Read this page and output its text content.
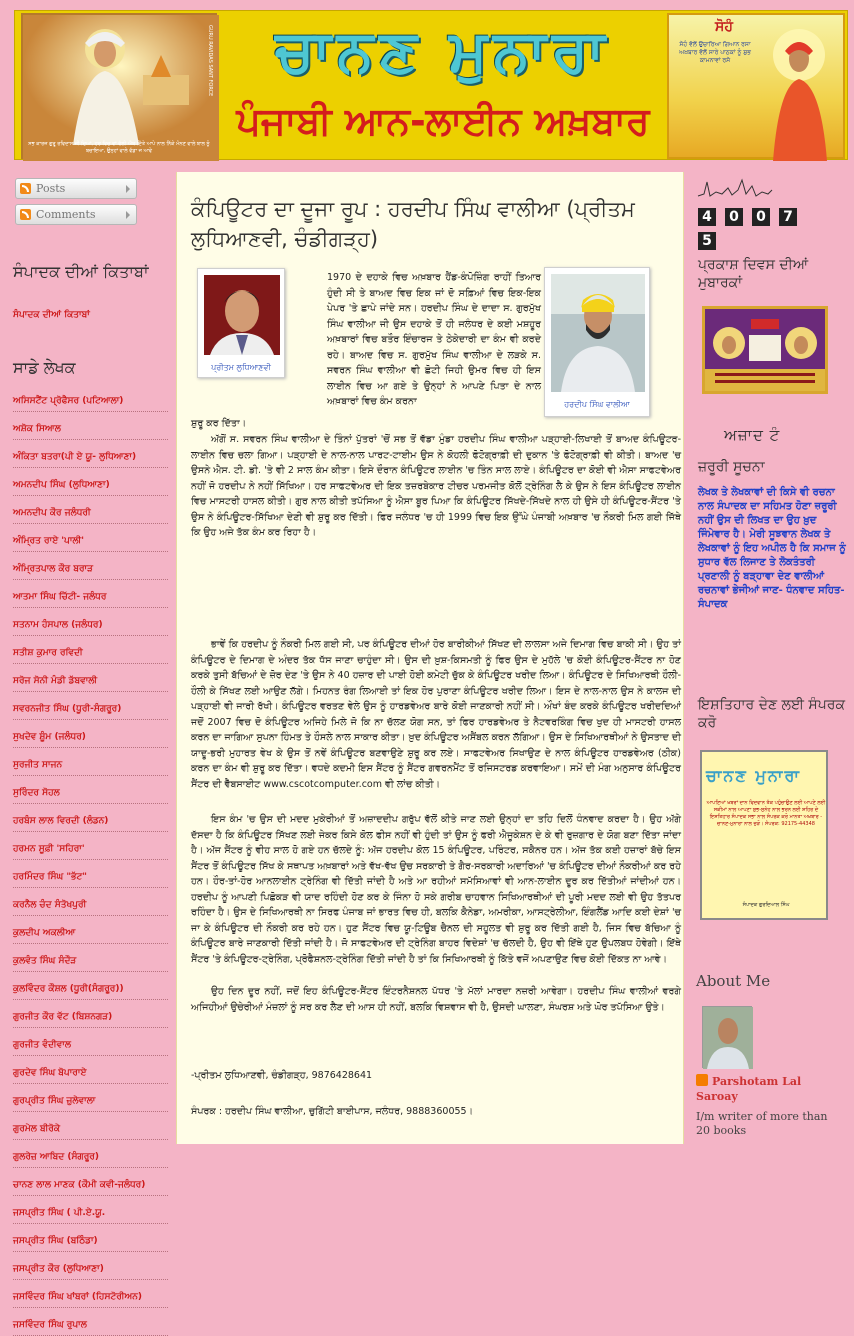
ਸਭ ਕਾਰਜ ਗੁਰੂ ਰਵਿਦਾਸ ਜੀ ਦਿਆਂ, ਹਰ ਵਿਚ ਵਾਂ ਵੱਲੀ ਐਥ ਦਿੱਤੇ ਆਪੇ ਨਾਲ ਨਿੱਕੇ ਮੰਨਣ ਵਾਲੇ ਬਾਲ ਨੂੰ ਬਚਾਇਆ, ਉਨ੍ਹਾਂ ਵਾਲੇ ਵੱਡਾ ਜ ਆਵੇ
GURU RAVIDAS SANT FORCE	ਚਾਨਣ ਮੁਨਾਰਾ
ਪੰਜਾਬੀ ਆਨ-ਲਾਈਨ ਅਖ਼ਬਾਰ
ਸੋਹੰ
ਸੋਹੰ ਵੱਲੋਂ ਉਚਾਰਿਆ ਗਿਆਨ ਰਸਾ ਅਖ਼ਬਾਰ ਵੱਲੋਂ ਸਾਰੇ ਪਾਠਕਾਂ ਨੂੰ ਸ਼ੁਭ ਕਾਮਨਾਵਾਂ ਰਸੋ
Posts
Comments
ਸੰਪਾਦਕ ਦੀਆਂ ਕਿਤਾਬਾਂ
ਸੰਪਾਦਕ ਦੀਆਂ ਕਿਤਾਬਾਂ
ਸਾਡੇ ਲੇਖਕ
ਅਸਿਸਟੈਂਟ ਪ੍ਰੋਫੈਸਰ (ਪਟਿਆਲਾ)
ਅਸ਼ੋਕ ਸਿਆਲ
ਅੰਕਿਤਾ ਬਤਰਾ(ਪੀ ਏ ਯੂ- ਲੁਧਿਆਣਾ)
ਅਮਨਦੀਪ ਸਿੰਘ (ਲੁਧਿਆਣਾ)
ਅਮਨਦੀਪ ਕੌਰ ਜਲੰਧਰੀ
ਅੰਮ੍ਰਿਤ ਰਾਏ 'ਪਾਲੀ'
ਅੰਮ੍ਰਿਤਪਾਲ ਕੌਰ ਬਰਾੜ
ਆਤਮਾ ਸਿੰਘ ਚਿੱਟੀ- ਜਲੰਧਰ
ਸਤਨਾਮ ਹੰਸਪਾਲ (ਜਲੰਧਰ)
ਸਤੀਸ਼ ਕੁਮਾਰ ਰਵਿਦੀ
ਸਰੋਜ ਸੋਨੀ ਮੰਡੀ ਡੱਬਵਾਲੀ
ਸਵਰਨਜੀਤ ਸਿੰਘ (ਧੂਰੀ-ਸੰਗਰੂਰ)
ਸੁਖਦੇਵ ਸ਼ੂੰਮ (ਜਲੰਧਰ)
ਸੁਰਜੀਤ ਸਾਜਨ
ਸੁਰਿੰਦਰ ਸੋਹਲ
ਹਰਬੰਸ ਲਾਲ ਵਿਰਦੀ (ਲੰਡਨ)
ਹਰਮਨ ਸੂਫ਼ੀ 'ਸਹਿਰਾ'
ਹਰਮਿੰਦਰ ਸਿੰਘ "ਭੱਟ"
ਕਰਨੈਲ ਚੰਦ ਸੰਤੋਖਪੁਰੀ
ਕੁਲਦੀਪ ਅਕਲੀਆ
ਕੁਲਵੰਤ ਸਿੰਘ ਸੰਦੌੜ
ਕੁਲਵਿੰਦਰ ਕੌਸ਼ਲ (ਧੂਰੀ(ਸੰਗਰੂਰ))
ਗੁਰਜੀਤ ਕੌਰ ਵੱਟ (ਬਿਸ਼ਨਗੜ)
ਗੁਰਜੀਤ ਵੰਦੀਵਾਲ
ਗੁਰਦੇਵ ਸਿੰਘ ਬੋਪਾਰਾਏ
ਗੁਰਪ੍ਰੀਤ ਸਿੰਘ ਜ਼ੁਲੇਵਾਲਾ
ਗੁਰਮੇਲ ਬੀਰੋਕੇ
ਗੁਲਰੇਜ਼ ਆਬਿਦ (ਸੰਗਰੂਰ)
ਚਾਨਣ ਲਾਲ ਮਾਣਕ (ਕੌਮੀ ਕਵੀ-ਜਲੰਧਰ)
ਜਸਪ੍ਰੀਤ ਸਿੰਘ ( ਪੀ.ਏ.ਯੂ.
ਜਸਪ੍ਰੀਤ ਸਿੰਘ (ਬਠਿੰਡਾ)
ਜਸਪ੍ਰੀਤ ਕੌਰ (ਲੁਧਿਆਣਾ)
ਜਸਵਿੰਦਰ ਸਿੰਘ ਖਾਂਬਰਾਂ (ਹਿਸਟੋਰੀਅਨ)
ਜਸਵਿੰਦਰ ਸਿੰਘ ਰੁਪਾਲ
ਕੰਪਿਊਟਰ ਦਾ ਦੂਜਾ ਰੂਪ : ਹਰਦੀਪ ਸਿੰਘ ਵਾਲੀਆ (ਪ੍ਰੀਤਮ ਲੁਧਿਆਣਵੀ, ਚੰਡੀਗੜ੍ਹ)
ਪ੍ਰੀਤਮ ਲੁਧਿਆਣਵੀ
ਹਰਦੀਪ ਸਿੰਘ ਵਾਲੀਆ

1970 ਦੇ ਦਹਾਕੇ ਵਿਚ ਅਖ਼ਬਾਰ ਹੈਂਡ-ਕੰਪੋਜ਼ਿੰਗ ਰਾਹੀਂ ਤਿਆਰ ਹੁੰਦੀ ਸੀ ਤੇ ਬਾਅਦ ਵਿਚ ਇਕ ਜਾਂ ਦੋ ਸਫ਼ਿਆਂ ਵਿਚ ਇਕ-ਇਕ ਪੇਪਰ 'ਤੇ ਛਾਪੇ ਜਾਂਦੇ ਸਨ। ਹਰਦੀਪ ਸਿੰਘ ਦੇ ਦਾਦਾ ਸ. ਗੁਰਮੁੱਖ ਸਿੰਘ ਵਾਲੀਆ ਜੀ ਉਸ ਦਹਾਕੇ ਤੋਂ ਹੀ ਜਲੰਧਰ ਦੇ ਕਈ ਮਸ਼ਹੂਰ ਅਖ਼ਬਾਰਾਂ ਵਿਚ ਬਤੌਰ ਇੰਚਾਰਜ ਤੇ ਠੇਕੇਦਾਰੀ ਦਾ ਕੰਮ ਵੀ ਕਰਦੇ ਰਹੇ। ਬਾਅਦ ਵਿਚ ਸ. ਗੁਰਮੁੱਖ ਸਿੰਘ ਵਾਲੀਆ ਦੇ ਲੜਕੇ ਸ. ਸਵਰਨ ਸਿੰਘ ਵਾਲੀਆ ਵੀ ਛੋਟੀ ਜਿਹੀ ਉਮਰ ਵਿਚ ਹੀ ਇਸ ਲਾਈਨ ਵਿਚ ਆ ਗਏ ਤੇ ਉਨ੍ਹਾਂ ਨੇ ਆਪਣੇ ਪਿਤਾ ਦੇ ਨਾਲ ਅਖ਼ਬਾਰਾਂ ਵਿਚ ਕੰਮ ਕਰਨਾ

ਸ਼ੁਰੂ ਕਰ ਦਿੱਤਾ।

ਅੱਗੋਂ ਸ. ਸਵਰਨ ਸਿੰਘ ਵਾਲੀਆ ਦੇ ਤਿੰਨਾਂ ਪੁੱਤਰਾਂ 'ਚੋਂ ਸਭ ਤੋਂ ਵੱਡਾ ਮੁੰਡਾ ਹਰਦੀਪ ਸਿੰਘ ਵਾਲੀਆ ਪੜ੍ਹਾਈ-ਲਿਖਾਈ ਤੋਂ ਬਾਅਦ ਕੰਪਿਊਟਰ- ਲਾਈਨ ਵਿਚ ਚਲਾ ਗਿਆ। ਪੜ੍ਹਾਈ ਦੇ ਨਾਲ-ਨਾਲ ਪਾਰਟ-ਟਾਈਮ ਉਸ ਨੇ ਕੋਹਲੀ ਫੋਟੋਗ੍ਰਾਫ਼ੀ ਦੀ ਦੁਕਾਨ 'ਤੇ ਫੋਟੋਗ੍ਰਾਫ਼ੀ ਵੀ ਕੀਤੀ। ਬਾਅਦ 'ਚ ਉਸਨੇ ਐਸ. ਟੀ. ਡੀ. 'ਤੇ ਵੀ 2 ਸਾਲ ਕੰਮ ਕੀਤਾ। ਇਸੇ ਦੌਰਾਨ ਕੰਪਿਊਟਰ ਲਾਈਨ 'ਚ ਤਿੰਨ ਸਾਲ ਲਾਏ। ਕੰਪਿਊਟਰ ਦਾ ਕੋਈ ਵੀ ਐਸਾ ਸਾਫਟਵੇਅਰ ਨਹੀਂ ਜੋ ਹਰਦੀਪ ਨੇ ਨਹੀਂ ਸਿੱਖਿਆ। ਹਰ ਸਾਫਟਵੇਅਰ ਦੀ ਇਕ ਤਜ਼ਰਬੇਕਾਰ ਟੀਚਰ ਪਰਮਜੀਤ ਕੋਲੋਂ ਟ੍ਰੇਨਿੰਗ ਲੈ ਕੇ ਉਸ ਨੇ ਇਸ ਕੰਪਿਊਟਰ ਲਾਈਨ ਵਿਚ ਮਾਸਟਰੀ ਹਾਸਲ ਕੀਤੀ। ਗੁਰ ਨਾਲ ਕੀਤੀ ਤਪੱਸਿਆ ਨੂੰ ਐਸਾ ਬੂਰ ਪਿਆ ਕਿ ਕੰਪਿਊਟਰ ਸਿੱਖਦੇ-ਸਿੱਖਦੇ ਨਾਲ ਹੀ ਉਸੇ ਹੀ ਕੰਪਿਊਟਰ-ਸੈਂਟਰ 'ਤੇ ਉਸ ਨੇ ਕੰਪਿਊਟਰ-ਸਿੱਖਿਆ ਦੇਣੀ ਵੀ ਸ਼ੁਰੂ ਕਰ ਦਿੱਤੀ। ਫਿਰ ਜਲੰਧਰ 'ਚ ਹੀ 1999 ਵਿਚ ਇਕ ਉੱਘੇ ਪੰਜਾਬੀ ਅਖ਼ਬਾਰ 'ਚ ਨੌਕਰੀ ਮਿਲ ਗਈ ਜਿੱਥੇ ਕਿ ਉਹ ਅਜੇ ਤੱਕ ਕੰਮ ਕਰ ਰਿਹਾ ਹੈ।

ਭਾਵੇਂ ਕਿ ਹਰਦੀਪ ਨੂੰ ਨੌਕਰੀ ਮਿਲ ਗਈ ਸੀ, ਪਰ ਕੰਪਿਊਟਰ ਦੀਆਂ ਹੋਰ ਬਾਰੀਕੀਆਂ ਸਿੱਖਣ ਦੀ ਲਾਲਸਾ ਅਜੇ ਦਿਮਾਗ ਵਿਚ ਬਾਕੀ ਸੀ। ਉਹ ਤਾਂ ਕੰਪਿਊਟਰ ਦੇ ਦਿਮਾਗ ਦੇ ਅੰਦਰ ਤੱਕ ਧੱਸ ਜਾਣਾ ਚਾਹੁੰਦਾ ਸੀ। ਉਸ ਦੀ ਖ਼ੁਸ਼-ਕਿਸਮਤੀ ਨੂੰ ਫਿਰ ਉਸ ਦੇ ਮੁਹੱਲੇ 'ਚ ਕੋਈ ਕੰਪਿਊਟਰ-ਸੈਂਟਰ ਨਾ ਹੋਣ ਕਰਕੇ ਤੁਸੀ ਬੱਚਿਆਂ ਦੇ ਜ਼ੋਰ ਦੇਣ 'ਤੇ ਉਸ ਨੇ 40 ਹਜ਼ਾਰ ਦੀ ਪਾਈ ਹੋਈ ਕਮੇਟੀ ਚੁੱਕ ਕੇ ਕੰਪਿਊਟਰ ਖਰੀਦ ਲਿਆ। ਕੰਪਿਊਟਰ ਦੇ ਸਿਖਿਆਰਥੀ ਹੌਲੀ-ਹੌਲੀ ਕੇ ਸਿੱਖਣ ਲਈ ਆਉਣ ਲੱਗੇ। ਮਿਹਨਤ ਰੰਗ ਲਿਆਈ ਤਾਂ ਇਕ ਹੋਰ ਪੁਰਾਣਾ ਕੰਪਿਊਟਰ ਖਰੀਦ ਲਿਆ। ਇਸ ਦੇ ਨਾਲ-ਨਾਲ ਉਸ ਨੇ ਕਾਲਜ ਦੀ ਪੜ੍ਹਾਈ ਵੀ ਜਾਰੀ ਰੱਖੀ। ਕੰਪਿਊਟਰ ਵਰਤਣ ਵੇਲੇ ਉਸ ਨੂੰ ਹਾਰਡਵੇਅਰ ਬਾਰੇ ਕੋਈ ਜਾਣਕਾਰੀ ਨਹੀਂ ਸੀ। ਔਖਾਂ ਬੰਦ ਕਰਕੇ ਕੰਪਿਊਟਰ ਖਰੀਦਦਿਆਂ ਜਦੋਂ 2007 ਵਿਚ ਦੋ ਕੰਪਿਊਟਰ ਅਜਿਹੇ ਮਿਲੇ ਜੋ ਕਿ ਨਾ ਚੱਲਣ ਯੋਗ ਸਨ, ਤਾਂ ਫਿਰ ਹਾਰਡਵੇਅਰ ਤੇ ਨੈਟਵਰਕਿੰਗ ਵਿਚ ਖੁਦ ਹੀ ਮਾਸਟਰੀ ਹਾਸਲ ਕਰਨ ਦਾ ਜਾਗਿਆ ਸੁਪਨਾ ਹਿੰਮਤ ਤੇ ਹੌਸਲੇ ਨਾਲ ਸਾਕਾਰ ਕੀਤਾ। ਖ਼ੁਦ ਕੰਪਿਊਟਰ ਅਸੈਂਬਲ ਕਰਨ ਲੱਗਿਆ। ਉਸ ਦੇ ਸਿਖਿਆਰਥੀਆਂ ਨੇ ਉਸਤਾਦ ਦੀ ਯਾਦੂ-ਭਰੀ ਮੁਹਾਰਤ ਵੇਖ ਕੇ ਉਸ ਤੋਂ ਨਵੇਂ ਕੰਪਿਊਟਰ ਬਣਵਾਉਣੇ ਸ਼ੁਰੂ ਕਰ ਲਏ। ਸਾਫਟਵੇਅਰ ਸਿਖਾਉਣ ਦੇ ਨਾਲ ਕੰਪਿਊਟਰ ਹਾਰਡਵੇਅਰ (ਠੀਕ) ਕਰਨ ਦਾ ਕੰਮ ਵੀ ਸ਼ੁਰੂ ਕਰ ਦਿੱਤਾ। ਵਧਦੇ ਕਦਮੀ ਇਸ ਸੈਂਟਰ ਨੂੰ ਸੈਂਟਰ ਗਵਰਨਮੈਂਟ ਤੋਂ ਰਜਿਸਟਰਡ ਕਰਵਾਇਆ। ਸਮੇਂ ਦੀ ਮੰਗ ਅਨੁਸਾਰ ਕੰਪਿਊਟਰ ਸੈਂਟਰ ਦੀ ਵੈੱਬਸਾਈਟ www.cscotcomputer.com ਵੀ ਲਾਂਚ ਕੀਤੀ।

ਇਸ ਕੰਮ 'ਚ ਉਸ ਦੀ ਮਦਦ ਮੁਕੇਰੀਆਂ ਤੋਂ ਅਜ਼ਾਦਦੀਪ ਗਰੁੱਪ ਵੱਲੋਂ ਕੀਤੇ ਜਾਣ ਲਈ ਉਨ੍ਹਾਂ ਦਾ ਤਹਿ ਦਿਲੋਂ ਧੰਨਵਾਦ ਕਰਦਾ ਹੈ। ਉਹ ਅੱਗੇ ਦੱਸਦਾ ਹੈ ਕਿ ਕੰਪਿਊਟਰ ਸਿੱਖਣ ਲਈ ਜੇਕਰ ਕਿਸੇ ਕੋਲ ਫੀਸ ਨਹੀਂ ਵੀ ਹੁੰਦੀ ਤਾਂ ਉਸ ਨੂੰ ਫਰੀ ਐਜੂਕੇਸ਼ਨ ਦੇ ਕੇ ਵੀ ਰੁਜ਼ਗਾਰ ਦੇ ਯੋਗ ਬਣਾ ਦਿੱਤਾ ਜਾਂਦਾ ਹੈ। ਅੱਜ ਸੈਂਟਰ ਨੂੰ ਵੀਹ ਸਾਲ ਹੋ ਗਏ ਹਨ ਚੱਲਦੇ ਨੂੰ: ਅੱਜ ਹਰਦੀਪ ਕੋਲ 15 ਕੰਪਿਊਟਰ, ਪਰਿੰਟਰ, ਸਕੈਨਰ ਹਨ। ਅੱਜ ਤੱਕ ਕਈ ਹਜ਼ਾਰਾਂ ਬੱਚੇ ਇਸ ਸੈਂਟਰ ਤੋਂ ਕੰਪਿਊਟਰ ਸਿੱਖ ਕੇ ਸਥਾਪਤ ਅਖ਼ਬਾਰਾਂ ਅਤੇ ਵੱਖ-ਵੱਖ ਉਚ ਸਰਕਾਰੀ ਤੇ ਗੈਰ-ਸਰਕਾਰੀ ਅਦਾਰਿਆਂ 'ਚ ਕੰਪਿਊਟਰ ਦੀਆਂ ਨੌਕਰੀਆਂ ਕਰ ਰਹੇ ਹਨ। ਹੌਰ-ਤਾਂ-ਹੋਰ ਆਨਲਾਈਨ ਟ੍ਰੇਨਿੰਗ ਵੀ ਦਿੱਤੀ ਜਾਂਦੀ ਹੈ ਅਤੇ ਆ ਰਹੀਆਂ ਸਮੱਸਿਆਵਾਂ ਵੀ ਆਨ-ਲਾਈਨ ਦੂਰ ਕਰ ਦਿੱਤੀਆਂ ਜਾਂਦੀਆਂ ਹਨ। ਹਰਦੀਪ ਨੂੰ ਆਪਣੀ ਪਿਛੋਕੜ ਵੀ ਯਾਦ ਰਹਿੰਦੀ ਹੋਣ ਕਰ ਕੇ ਜਿੰਨਾ ਹੋ ਸਕੇ ਗਰੀਬ ਚਾਹਵਾਨ ਸਿਖਿਆਰਥੀਆਂ ਦੀ ਪੂਰੀ ਮਦਦ ਲਈ ਵੀ ਉਹ ਤੱਤਪਰ ਰਹਿੰਦਾ ਹੈ। ਉਸ ਦੇ ਸਿਖਿਆਰਥੀ ਨਾ ਸਿਰਫ ਪੰਜਾਬ ਜਾਂ ਭਾਰਤ ਵਿਚ ਹੀ, ਬਲਕਿ ਕੈਨੇਡਾ, ਅਮਰੀਕਾ, ਆਸਟ੍ਰੇਲੀਆ, ਇੰਗਲੈਂਡ ਆਦਿ ਕਈ ਦੇਸ਼ਾਂ 'ਚ ਜਾ ਕੇ ਕੰਪਿਊਟਰ ਦੀ ਨੌਕਰੀ ਕਰ ਰਹੇ ਹਨ। ਹੁਣ ਸੈਂਟਰ ਵਿਚ ਯੂ-ਟਿਊਬ ਚੈਨਲ ਦੀ ਸਹੂਲਤ ਵੀ ਸ਼ੁਰੂ ਕਰ ਦਿੱਤੀ ਗਈ ਹੈ, ਜਿਸ ਵਿਚ ਬੱਚਿਆ ਨੂੰ ਕੰਪਿਊਟਰ ਬਾਰੇ ਜਾਣਕਾਰੀ ਦਿੱਤੀ ਜਾਂਦੀ ਹੈ। ਜੋ ਸਾਫਟਵੇਅਰ ਦੀ ਟ੍ਰੇਨਿੰਗ ਬਾਹਰ ਵਿਦੇਸ਼ਾਂ 'ਚ ਚੱਲਦੀ ਹੈ, ਉਹ ਵੀ ਇੱਥੇ ਹੁਣ ਉਪਲਬਧ ਹੋਵੇਗੀ। ਇੱਥੇ ਸੈਂਟਰ 'ਤੇ ਕੰਪਿਊਟਰ-ਟ੍ਰੇਨਿੰਗ, ਪ੍ਰੋਫੈਸ਼ਨਲ-ਟ੍ਰੇਨਿੰਗ ਦਿੱਤੀ ਜਾਂਦੀ ਹੈ ਤਾਂ ਕਿ ਸਿਖਿਆਰਥੀ ਨੂੰ ਕਿੱਤੇ ਵਜੋਂ ਅਪਣਾਉਣ ਵਿਚ ਕੋਈ ਦਿੱਕਤ ਨਾ ਆਵੇ।

ਉਹ ਦਿਨ ਦੂਰ ਨਹੀਂ, ਜਦੋਂ ਇਹ ਕੰਪਿਊਟਰ-ਸੈਂਟਰ ਇੰਟਰਨੈਸ਼ਨਲ ਪੱਧਰ 'ਤੇ ਮੱਲਾਂ ਮਾਰਦਾ ਨਜ਼ਰੀ ਆਵੇਗਾ। ਹਰਦੀਪ ਸਿੰਘ ਵਾਲੀਆਂ ਵਰਗੇ ਅਜਿਹੀਆਂ ਉਚੇਰੀਆਂ ਮੰਜ਼ਲਾਂ ਨੂੰ ਸਰ ਕਰ ਲੈਣ ਦੀ ਆਸ ਹੀ ਨਹੀਂ, ਬਲਕਿ ਵਿਸ਼ਵਾਸ ਵੀ ਹੈ, ਉਸਦੀ ਘਾਲਣਾ, ਸੰਘਰਸ਼ ਅਤੇ ਘੋਰ ਤਪੱਸਿਆ ਉਤੇ।

-ਪ੍ਰੀਤਮ ਲੁਧਿਆਣਵੀ, ਚੰਡੀਗੜ੍ਹ, 9876428641

ਸੰਪਰਕ : ਹਰਦੀਪ ਸਿੰਘ ਵਾਲੀਆ, ਚੁਗਿੱਟੀ ਬਾਈਪਾਸ, ਜਲੰਧਰ, 9888360055।

4 0 0 75
ਪ੍ਰਕਾਸ਼ ਦਿਵਸ ਦੀਆਂ ਮੁਬਾਰਕਾਂ
ਅਜ਼ਾਦ ਟੰ
ਜ਼ਰੂਰੀ ਸੂਚਨਾ
ਲੇਖਕ ਤੇ ਲੇਖਕਾਵਾਂ ਦੀ ਕਿਸੇ ਵੀ ਰਚਨਾ ਨਾਲ ਸੰਪਾਦਕ ਦਾ ਸਹਿਮਤ ਹੋਣਾ ਜ਼ਰੂਰੀ ਨਹੀਂ ਉਸ ਦੀ ਲਿਖਤ ਦਾ ਉਹ ਖ਼ੁਦ ਜਿੰਮੇਵਾਰ ਹੈ। ਮੇਰੀ ਸੂਝਵਾਨ ਲੇਖਕ ਤੇ ਲੇਖਕਾਵਾਂ ਨੂੰ ਇਹ ਅਪੀਲ ਹੈ ਕਿ ਸਮਾਜ ਨੂੰ ਸੁਧਾਰ ਵੱਲ ਲਿਜਾਣ ਤੇ ਲੋਕਤੰਤਰੀ ਪ੍ਰਣਾਲੀ ਨੂੰ ਬੜ੍ਹਾਵਾ ਦੇਣ ਵਾਲੀਆਂ ਰਚਨਾਵਾਂ ਭੇਜੀਆਂ ਜਾਣ- ਧੰਨਵਾਦ ਸਹਿਤ- ਸੰਪਾਦਕ
ਇਸ਼ਤਿਹਾਰ ਦੇਣ ਲਈ ਸੰਪਰਕ ਕਰੋ
ਚਾਨਣ ਮੁਨਾਰਾ
ਆਪਣਿਆਂ ਖ਼ਬਰਾਂ ਦਾਨ ਵਿਦਵਾਨ ਤੱਕ ਪਹੁੰਚਾਉਣ ਲਈ ਆਪਣੇ ਲਈ ਸਕੀਮਾਂ ਨਾਲ ਆਪਣਾ ਸ਼ੁਭ-ਸੁਨੇਹ ਨਾਲ ਭਰਨ ਲਈ ਸ਼ਹਿਰ ਦੇ ਇਸ਼ਤਿਹਾਰ ਸੰਪਾਦਕ ਸਭਾ ਨਾਲ ਸੰਪਰਕ ਕਰੋ ਮਾਨਤਾ ਅਖ਼ਬਾਰ - ਚਾਨਣ-ਮੁਨਾਰਾ ਨਾਲ ਜੁੜੋ। ਸੰਪਰਕ: 92175-44348
ਸੰਪਾਦਕ ਗੁਰਦਿਆਲ ਸਿੰਘ
About Me
Parshotam Lal Saroay
I/m writer of more than 20 books
